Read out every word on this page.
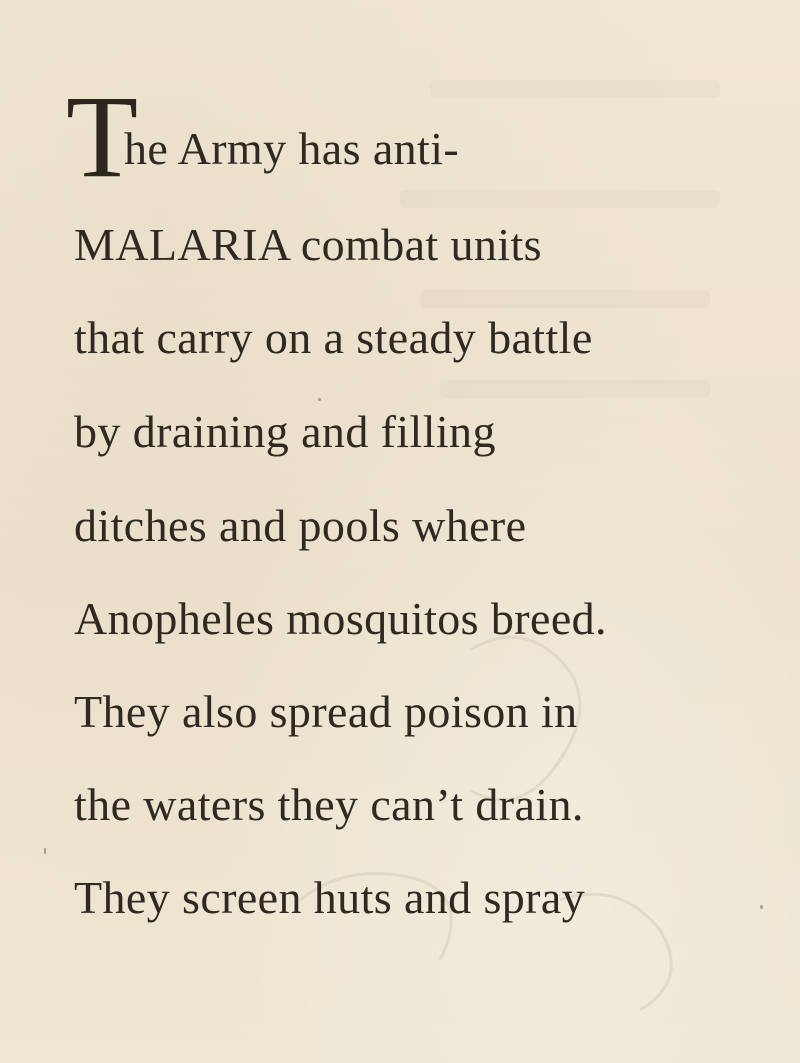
T
he Army has anti-
MALARIA combat units
that carry on a steady battle
by draining and filling
ditches and pools where
Anopheles mosquitos breed.
They also spread poison in
the waters they can’t drain.
They screen huts and spray
